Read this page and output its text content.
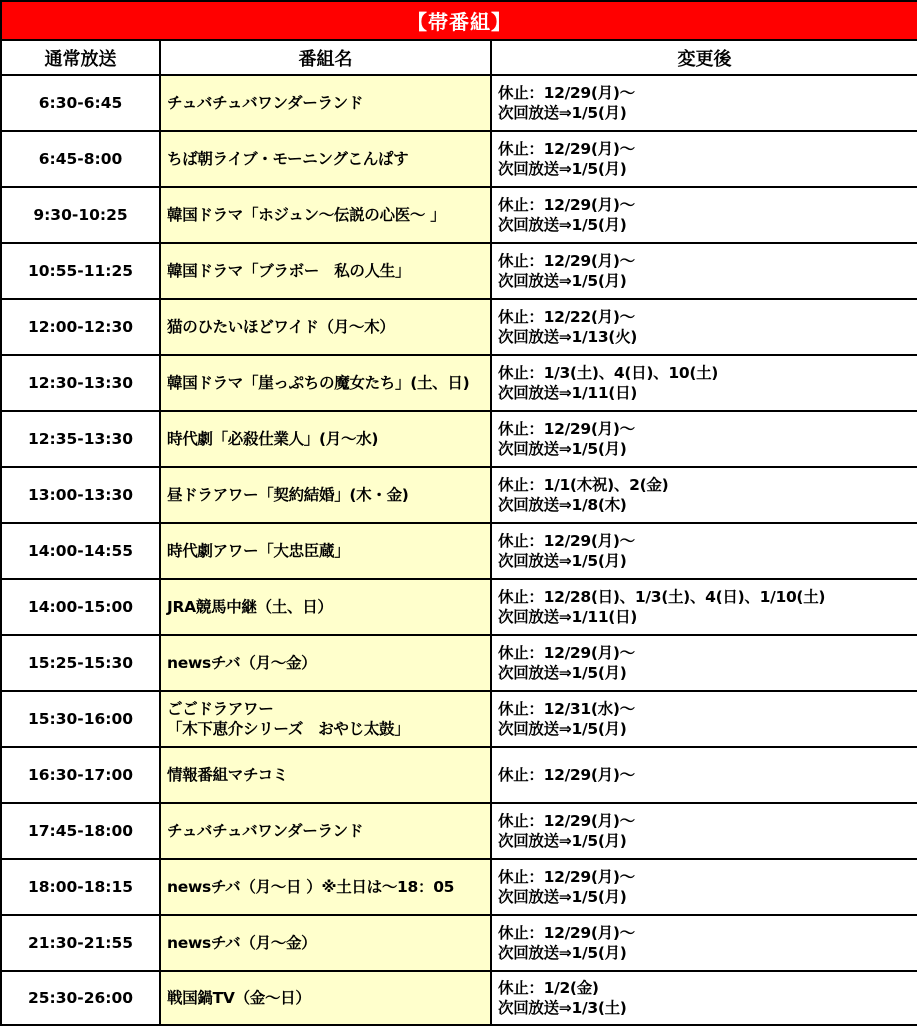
【帯番組】		
通常放送	番組名	変更後
6:30-6:45	チュバチュバワンダーランド	休止：12/29(月)〜
次回放送⇒1/5(月)

6:45-8:00	ちば朝ライブ・モーニングこんぱす	休止：12/29(月)〜
次回放送⇒1/5(月)

9:30-10:25	韓国ドラマ「ホジュン〜伝説の心医〜 」	休止：12/29(月)〜
次回放送⇒1/5(月)

10:55-11:25	韓国ドラマ「ブラボー　私の人生」	休止：12/29(月)〜
次回放送⇒1/5(月)

12:00-12:30	猫のひたいほどワイド（月〜木）	休止：12/22(月)〜
次回放送⇒1/13(火)

12:30-13:30	韓国ドラマ「崖っぷちの魔女たち」(土、日)	休止：1/3(土)、4(日)、10(土)
次回放送⇒1/11(日)

12:35-13:30	時代劇「必殺仕業人」(月〜水)	休止：12/29(月)〜
次回放送⇒1/5(月)

13:00-13:30	昼ドラアワー「契約結婚」(木・金)	休止：1/1(木祝)、2(金)
次回放送⇒1/8(木)

14:00-14:55	時代劇アワー「大忠臣蔵」	休止：12/29(月)〜
次回放送⇒1/5(月)

14:00-15:00	JRA競馬中継（土、日）	休止：12/28(日)、1/3(土)、4(日)、1/10(土)
次回放送⇒1/11(日)

15:25-15:30	newsチバ（月〜金）	休止：12/29(月)〜
次回放送⇒1/5(月)

15:30-16:00	ごごドラアワー
「木下恵介シリーズ　おやじ太鼓」	休止：12/31(水)〜
次回放送⇒1/5(月)

16:30-17:00	情報番組マチコミ	休止：12/29(月)〜

17:45-18:00	チュバチュバワンダーランド	休止：12/29(月)〜
次回放送⇒1/5(月)

18:00-18:15	newsチバ（月〜日 ）※土日は〜18：05	休止：12/29(月)〜
次回放送⇒1/5(月)

21:30-21:55	newsチバ（月〜金）	休止：12/29(月)〜
次回放送⇒1/5(月)

25:30-26:00	戦国鍋TV（金〜日）	休止：1/2(金)
次回放送⇒1/3(土)
